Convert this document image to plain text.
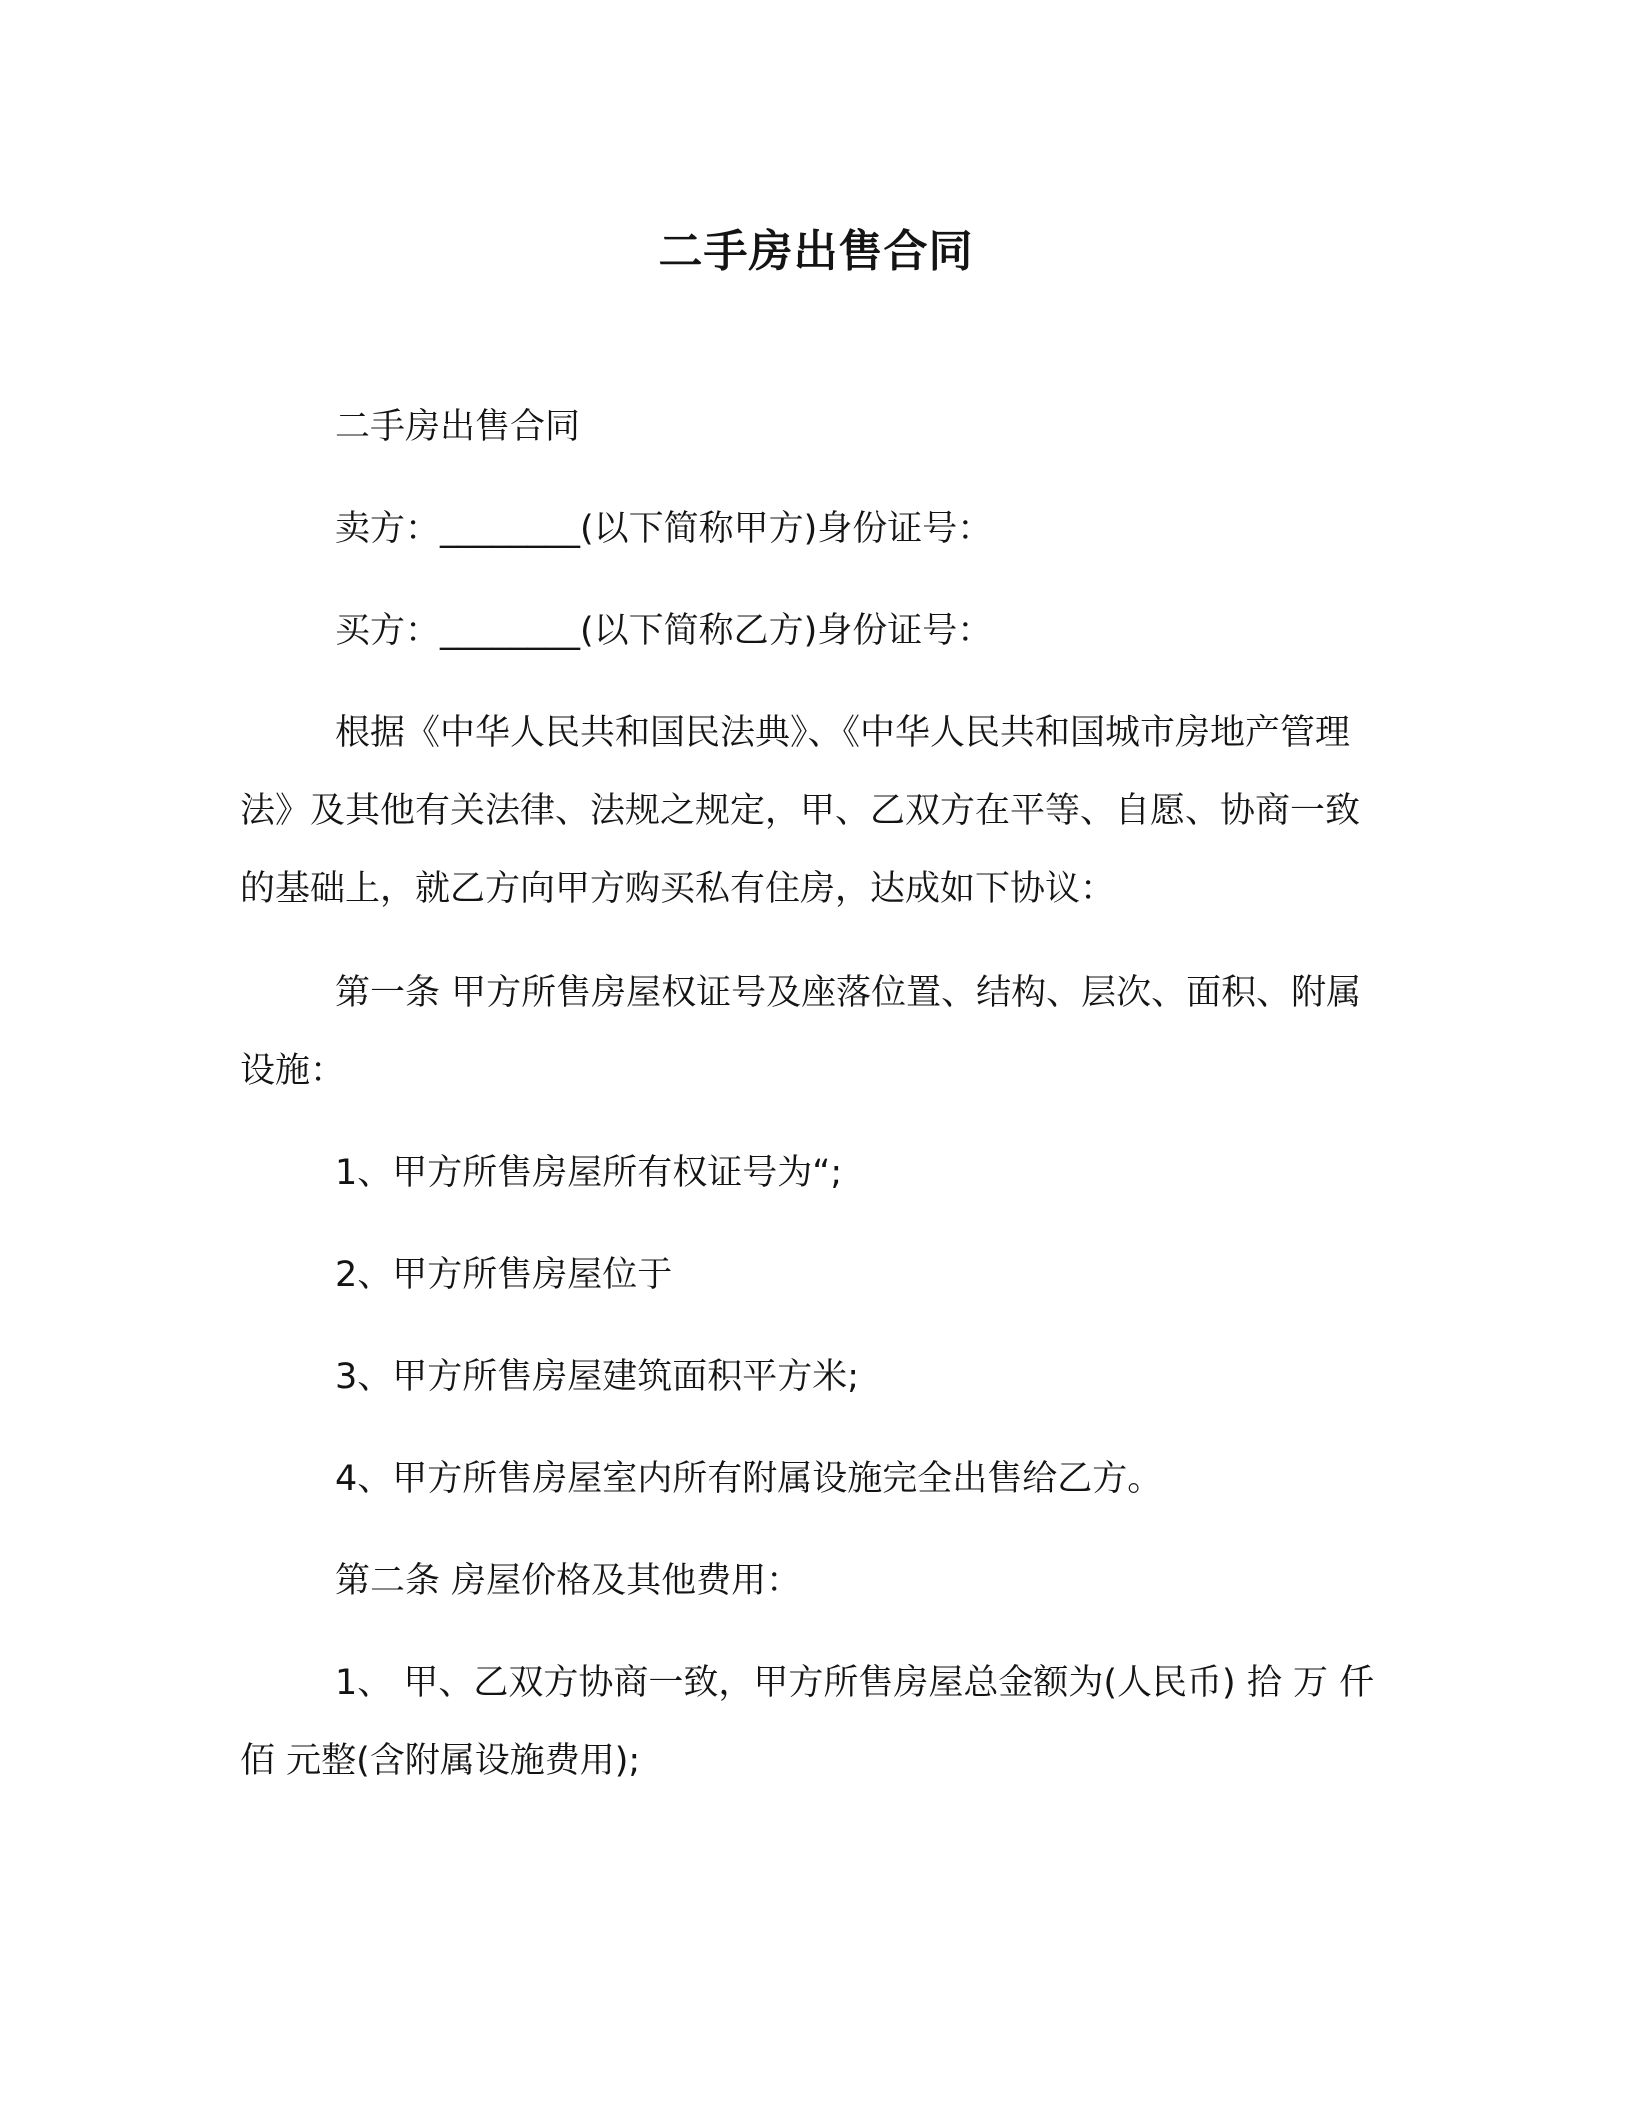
二手房出售合同

二手房出售合同

卖方：________(以下简称甲方)身份证号：

买方：________(以下简称乙方)身份证号：

根据《中华人民共和国民法典》、《中华人民共和国城市房地产管理法》及其他有关法律、法规之规定，甲、乙双方在平等、自愿、协商一致的基础上，就乙方向甲方购买私有住房，达成如下协议：

第一条 甲方所售房屋权证号及座落位置、结构、层次、面积、附属设施：

1、甲方所售房屋所有权证号为“;

2、甲方所售房屋位于

3、甲方所售房屋建筑面积平方米;

4、甲方所售房屋室内所有附属设施完全出售给乙方。

第二条 房屋价格及其他费用：

1、 甲、乙双方协商一致，甲方所售房屋总金额为(人民币) 拾 万 仟 佰 元整(含附属设施费用);
